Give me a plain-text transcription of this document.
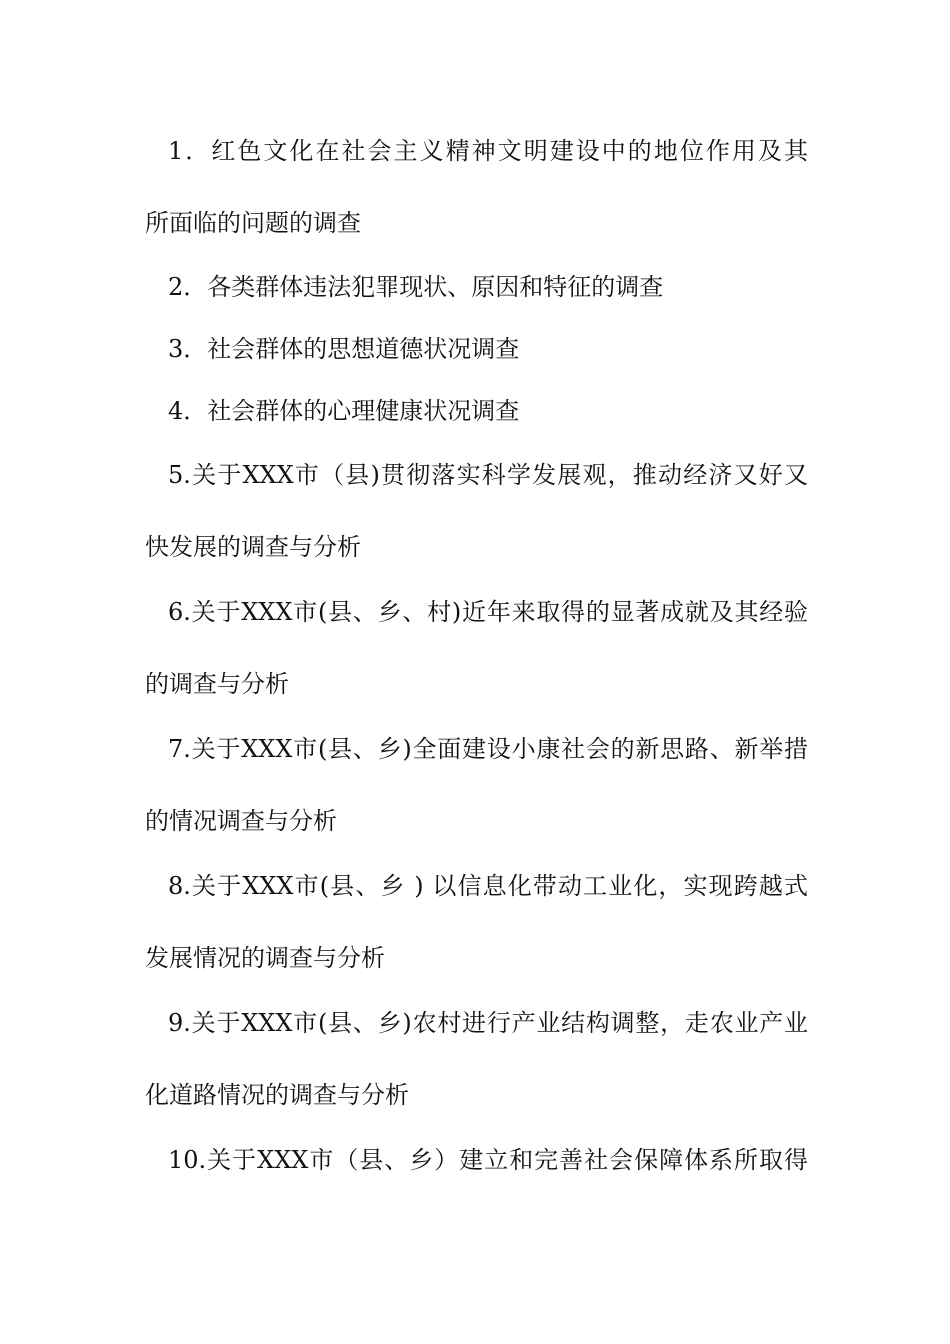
1．红色文化在社会主义精神文明建设中的地位作用及其
所面临的问题的调查
2．各类群体违法犯罪现状、原因和特征的调查
3．社会群体的思想道德状况调查
4．社会群体的心理健康状况调查
5.关于XXX市（县)贯彻落实科学发展观，推动经济又好又
快发展的调查与分析
6.关于XXX市(县、乡、村)近年来取得的显著成就及其经验
的调查与分析
7.关于XXX市(县、乡)全面建设小康社会的新思路、新举措
的情况调查与分析
8.关于XXX市(县、乡 ) 以信息化带动工业化，实现跨越式
发展情况的调查与分析
9.关于XXX市(县、乡)农村进行产业结构调整，走农业产业
化道路情况的调查与分析
10.关于XXX市（县、乡）建立和完善社会保障体系所取得
